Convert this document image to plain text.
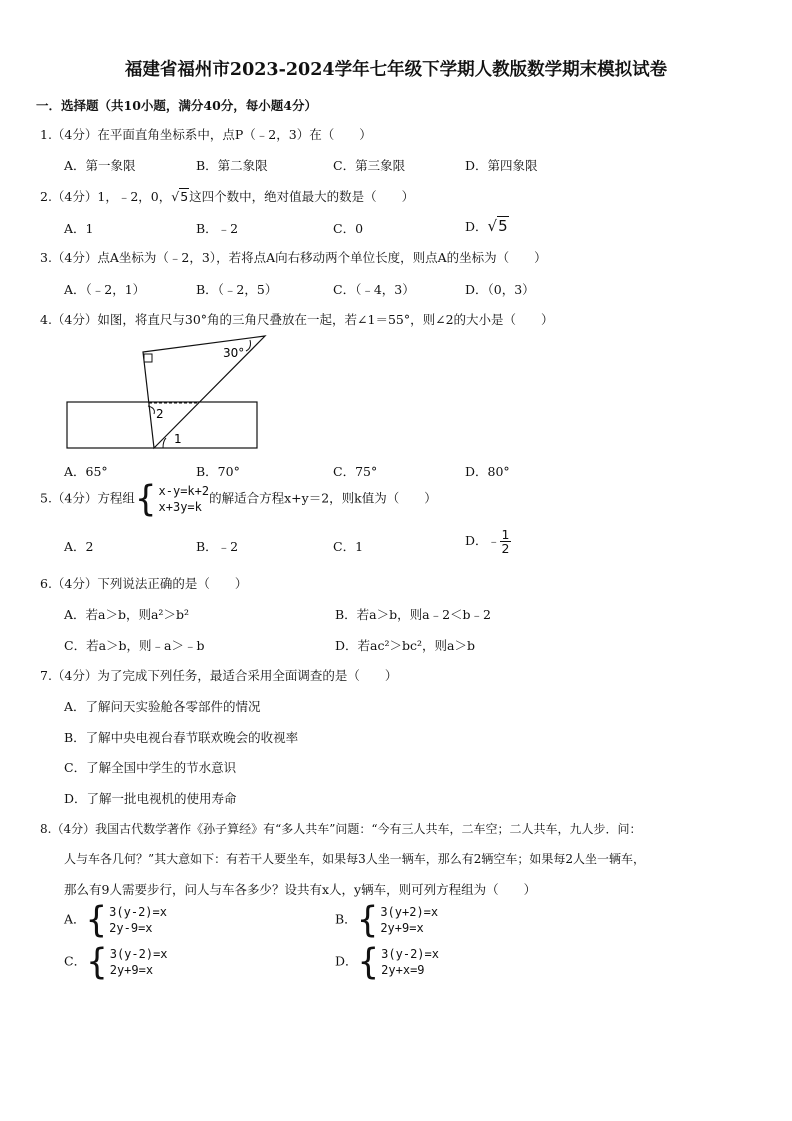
福建省福州市2023-2024学年七年级下学期人教版数学期末模拟试卷
一．选择题（共10小题，满分40分，每小题4分）
1.（4分）在平面直角坐标系中，点P（﹣2，3）在（　　）
A．第一象限	B．第二象限	C．第三象限	D．第四象限
2.（4分）1，﹣2，0，√5这四个数中，绝对值最大的数是（　　）
A．1	B．﹣2	C．0	D．√5
3.（4分）点A坐标为（﹣2，3），若将点A向右移动两个单位长度，则点A的坐标为（　　）
A．（﹣2，1）	B．（﹣2，5）	C．（﹣4，3）	D．（0，3）
4.（4分）如图，将直尺与30°角的三角尺叠放在一起，若∠1＝55°，则∠2的大小是（　　）
30°
2
1
A．65°	B．70°	C．75°	D．80°
5.（4分）方程组 { x-y=k+2
x+3y=k
的解适合方程x+y＝2，则k值为（　　）
A．2	B．﹣2	C．1	D．﹣ $\frac{1}{2}$
6.（4分）下列说法正确的是（　　）
A．若a＞b，则a²＞b²	B．若a＞b，则a﹣2＜b﹣2
C．若a＞b，则﹣a＞﹣b	D．若ac²＞bc²，则a＞b
7.（4分）为了完成下列任务，最适合采用全面调查的是（　　）
A．了解问天实验舱各零部件的情况
B．了解中央电视台春节联欢晚会的收视率
C．了解全国中学生的节水意识
D．了解一批电视机的使用寿命
8.（4分）我国古代数学著作《孙子算经》有“多人共车”问题：“今有三人共车，二车空；二人共车，九人步．问：
人与车各几何？”其大意如下：有若干人要坐车，如果每3人坐一辆车，那么有2辆空车；如果每2人坐一辆车，
那么有9人需要步行，问人与车各多少？设共有x人，y辆车，则可列方程组为（　　）
A． { 3(y-2)=x
2y-9=x
B． { 3(y+2)=x
2y+9=x
C． { 3(y-2)=x
2y+9=x
D． { 3(y-2)=x
2y+x=9
